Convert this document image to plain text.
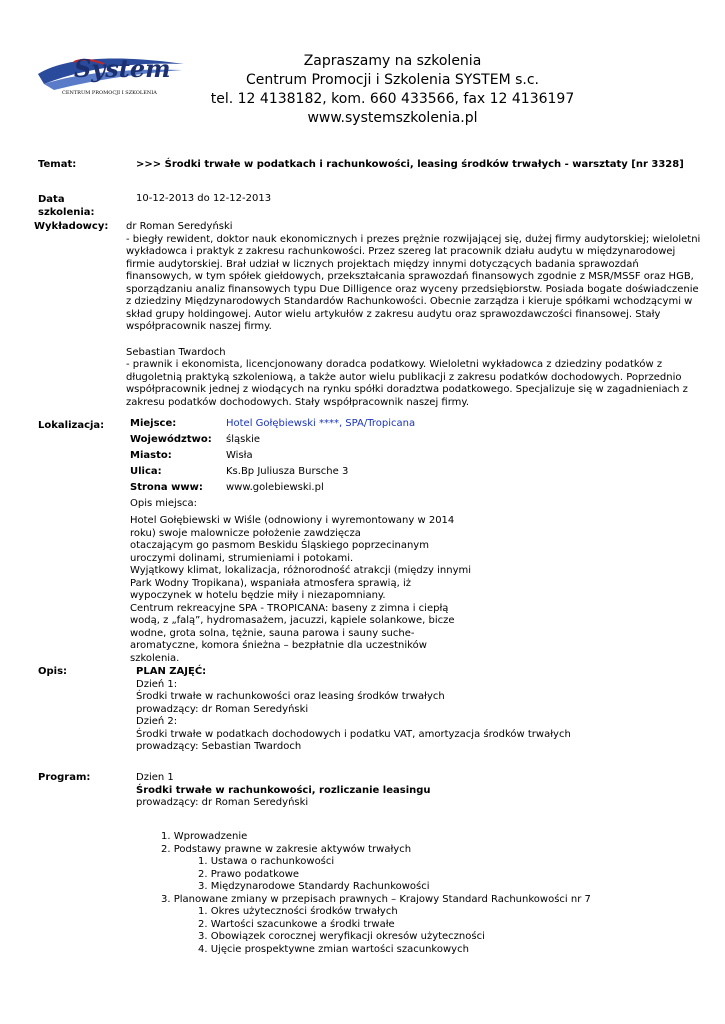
System
CENTRUM PROMOCJI I SZKOLENIA
Zapraszamy na szkolenia
Centrum Promocji i Szkolenia SYSTEM s.c.
tel. 12 4138182, kom. 660 433566, fax 12 4136197
www.systemszkolenia.pl
Temat:	>>> Środki trwałe w podatkach i rachunkowości, leasing środków trwałych - warsztaty [nr 3328]
Data
szkolenia:
10-12-2013 do 12-12-2013
Wykładowcy: dr Roman Seredyński
- biegły rewident, doktor nauk ekonomicznych i prezes prężnie rozwijającej się, dużej firmy audytorskiej; wieloletni
wykładowca i praktyk z zakresu rachunkowości. Przez szereg lat pracownik działu audytu w międzynarodowej
firmie audytorskiej. Brał udział w licznych projektach między innymi dotyczących badania sprawozdań
finansowych, w tym spółek giełdowych, przekształcania sprawozdań finansowych zgodnie z MSR/MSSF oraz HGB,
sporządzaniu analiz finansowych typu Due Dilligence oraz wyceny przedsiębiorstw. Posiada bogate doświadczenie
z dziedziny Międzynarodowych Standardów Rachunkowości. Obecnie zarządza i kieruje spółkami wchodzącymi w
skład grupy holdingowej. Autor wielu artykułów z zakresu audytu oraz sprawozdawczości finansowej. Stały
współpracownik naszej firmy.
Sebastian Twardoch
- prawnik i ekonomista, licencjonowany doradca podatkowy. Wieloletni wykładowca z dziedziny podatków z
długoletnią praktyką szkoleniową, a także autor wielu publikacji z zakresu podatków dochodowych. Poprzednio
współpracownik jednej z wiodących na rynku spółki doradztwa podatkowego. Specjalizuje się w zagadnieniach z
zakresu podatków dochodowych. Stały współpracownik naszej firmy.
Lokalizacja:	Miejsce:	Hotel Gołębiewski ****, SPA/Tropicana
Województwo: śląskie
Miasto:	Wisła
Ulica:	Ks.Bp Juliusza Bursche 3
Strona www: www.golebiewski.pl
Opis miejsca:
Hotel Gołębiewski w Wiśle (odnowiony i wyremontowany w 2014
roku) swoje malownicze położenie zawdzięcza
otaczającym go pasmom Beskidu Śląskiego poprzecinanym
uroczymi dolinami, strumieniami i potokami.
Wyjątkowy klimat, lokalizacja, różnorodność atrakcji (między innymi
Park Wodny Tropikana), wspaniała atmosfera sprawią, iż
wypoczynek w hotelu będzie miły i niezapomniany.
Centrum rekreacyjne SPA - TROPICANA: baseny z zimna i ciepłą
wodą, z „falą”, hydromasażem, jacuzzi, kąpiele solankowe, bicze
wodne, grota solna, tężnie, sauna parowa i sauny suche-
aromatyczne, komora śnieżna – bezpłatnie dla uczestników
szkolenia.
Opis:	PLAN ZAJĘĆ:
Dzień 1:
Środki trwałe w rachunkowości oraz leasing środków trwałych
prowadzący: dr Roman Seredyński
Dzień 2:
Środki trwałe w podatkach dochodowych i podatku VAT, amortyzacja środków trwałych
prowadzący: Sebastian Twardoch
Program:	Dzien 1
Środki trwałe w rachunkowości, rozliczanie leasingu
prowadzący: dr Roman Seredyński
1. Wprowadzenie
2. Podstawy prawne w zakresie aktywów trwałych
1. Ustawa o rachunkowości
2. Prawo podatkowe
3. Międzynarodowe Standardy Rachunkowości
3. Planowane zmiany w przepisach prawnych – Krajowy Standard Rachunkowości nr 7
1. Okres użyteczności środków trwałych
2. Wartości szacunkowe a środki trwałe
3. Obowiązek corocznej weryfikacji okresów użyteczności
4. Ujęcie prospektywne zmian wartości szacunkowych
